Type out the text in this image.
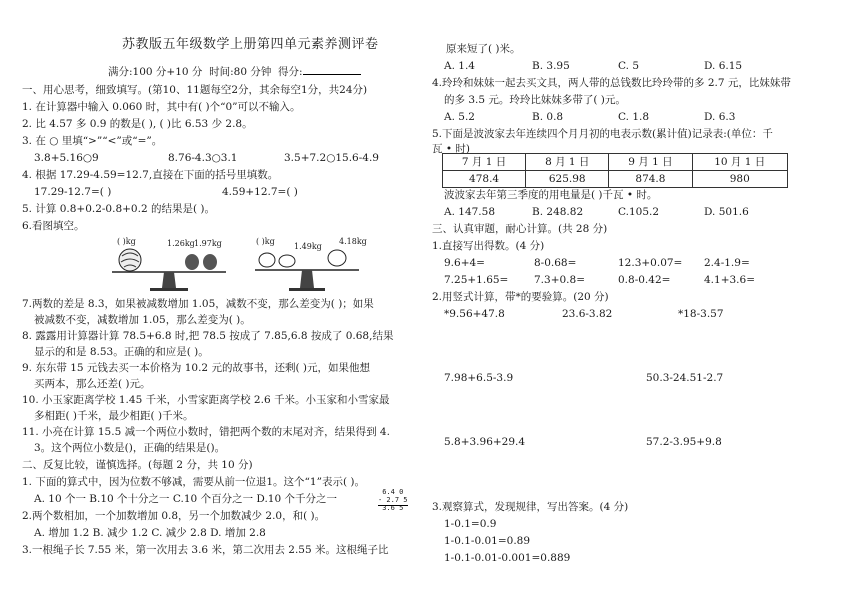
苏教版五年级数学上册第四单元素养测评卷
满分:100 分+10 分 时间:80 分钟 得分:
一、用心思考，细致填写。(第10、11题每空2分，其余每空1分，共24分)
1. 在计算器中输入 0.060 时，其中有( )个“0”可以不输入。
2. 比 4.57 多 0.9 的数是( ), ( )比 6.53 少 2.8。
3. 在 ○ 里填“>”“<”或“=”。
3.8+5.16○9	8.76-4.3○3.1	3.5+7.2○15.6-4.9
4. 根据 17.29-4.59=12.7,直接在下面的括号里填数。
17.29-12.7=( )	4.59+12.7=( )
5. 计算 0.8+0.2-0.8+0.2 的结果是( )。
6.看图填空。
( )kg	1.26kg 1.97kg	( )kg
1.49kg
4.18kg
7.两数的差是 8.3，如果被减数增加 1.05，减数不变，那么差变为( )；如果
被减数不变，减数增加 1.05，那么差变为( )。
8. 露露用计算器计算 78.5+6.8 时,把 78.5 按成了 7.85,6.8 按成了 0.68,结果
显示的和是 8.53。正确的和应是( )。
9. 东东带 15 元钱去买一本价格为 10.2 元的故事书，还剩( )元，如果他想
买两本，那么还差( )元。
10. 小玉家距离学校 1.45 千米，小雪家距离学校 2.6 千米。小玉家和小雪家最
多相距( )千米，最少相距( )千米。
11. 小亮在计算 15.5 减一个两位小数时，错把两个数的末尾对齐，结果得到 4.
3。这个两位小数是()，正确的结果是()。
二、反复比较，谨慎选择。(每题 2 分，共 10 分)
1. 下面的算式中，因为位数不够减，需要从前一位退1。这个“1”表示( )。
A. 10 个一 B.10 个十分之一 C.10 个百分之一 D.10 个千分之一
6.4 0
- 2.7 5
3.6 5
2.两个数相加，一个加数增加 0.8，另一个加数减少 2.0，和( )。
A. 增加 1.2 B. 减少 1.2 C. 减少 2.8 D. 增加 2.8
3.一根绳子长 7.55 米，第一次用去 3.6 米，第二次用去 2.55 米。这根绳子比
原来短了( )米。
A. 1.4	B. 3.95	C. 5	D. 6.15
4.玲玲和妹妹一起去买文具，两人带的总钱数比玲玲带的多 2.7 元，比妹妹带
的多 3.5 元。玲玲比妹妹多带了( )元。
A. 5.2	B. 0.8	C. 1.8	D. 6.3
5.下面是波波家去年连续四个月月初的电表示数(累计值)记录表:(单位：千
瓦 • 时)
7 月 1 日	8 月 1 日	9 月 1 日	10 月 1 日
478.4	625.98	874.8	980
波波家去年第三季度的用电量是( )千瓦 • 时。
A. 147.58	B. 248.82	C.105.2	D. 501.6
三、认真审题，耐心计算。(共 28 分)
1.直接写出得数。(4 分)
9.6+4=	8-0.68=	12.3+0.07= 2.4-1.9=
7.25+1.65= 7.3+0.8=	0.8-0.42=	4.1+3.6=
2.用竖式计算，带*的要验算。(20 分)
*9.56+47.8	23.6-3.82	*18-3.57
7.98+6.5-3.9	50.3-24.51-2.7
5.8+3.96+29.4	57.2-3.95+9.8
3.观察算式，发现规律，写出答案。(4 分)
1-0.1=0.9
1-0.1-0.01=0.89
1-0.1-0.01-0.001=0.889
